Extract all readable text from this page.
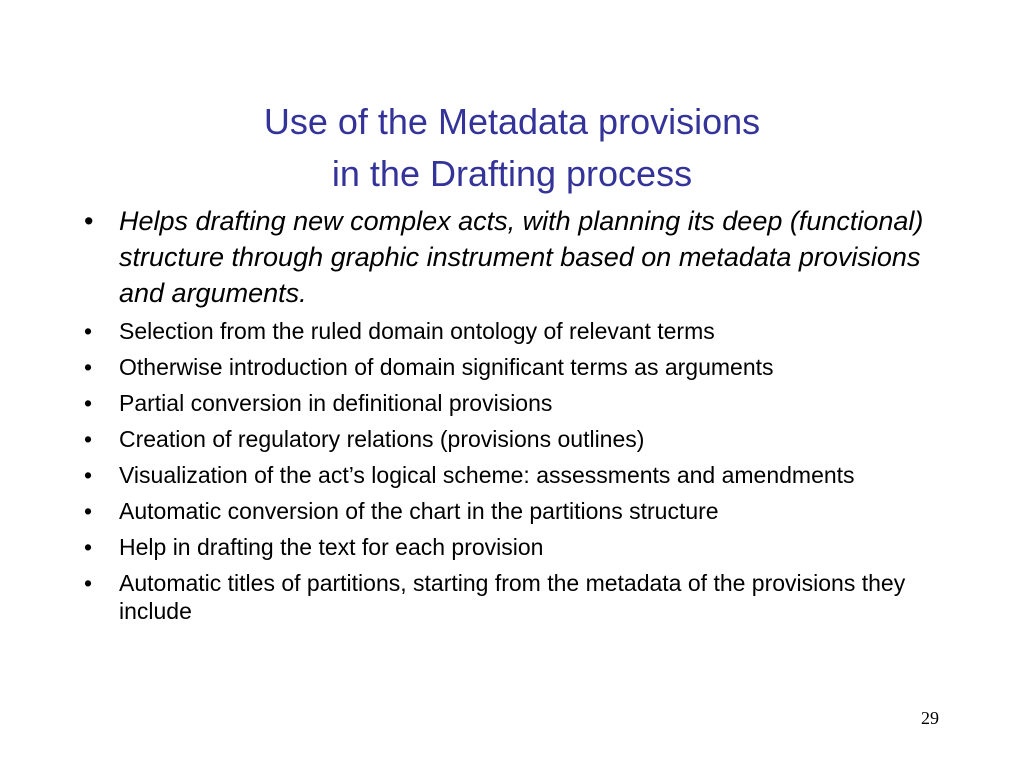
Use of the Metadata provisions
in the Drafting process
• Helps drafting new complex acts, with planning its deep (functional) structure through graphic instrument based on metadata provisions and arguments.
• Selection from the ruled domain ontology of relevant terms
• Otherwise introduction of domain significant terms as arguments
• Partial conversion in definitional provisions
• Creation of regulatory relations (provisions outlines)
• Visualization of the act’s logical scheme: assessments and amendments
• Automatic conversion of the chart in the partitions structure
• Help in drafting the text for each provision
• Automatic titles of partitions, starting from the metadata of the provisions they include
29
